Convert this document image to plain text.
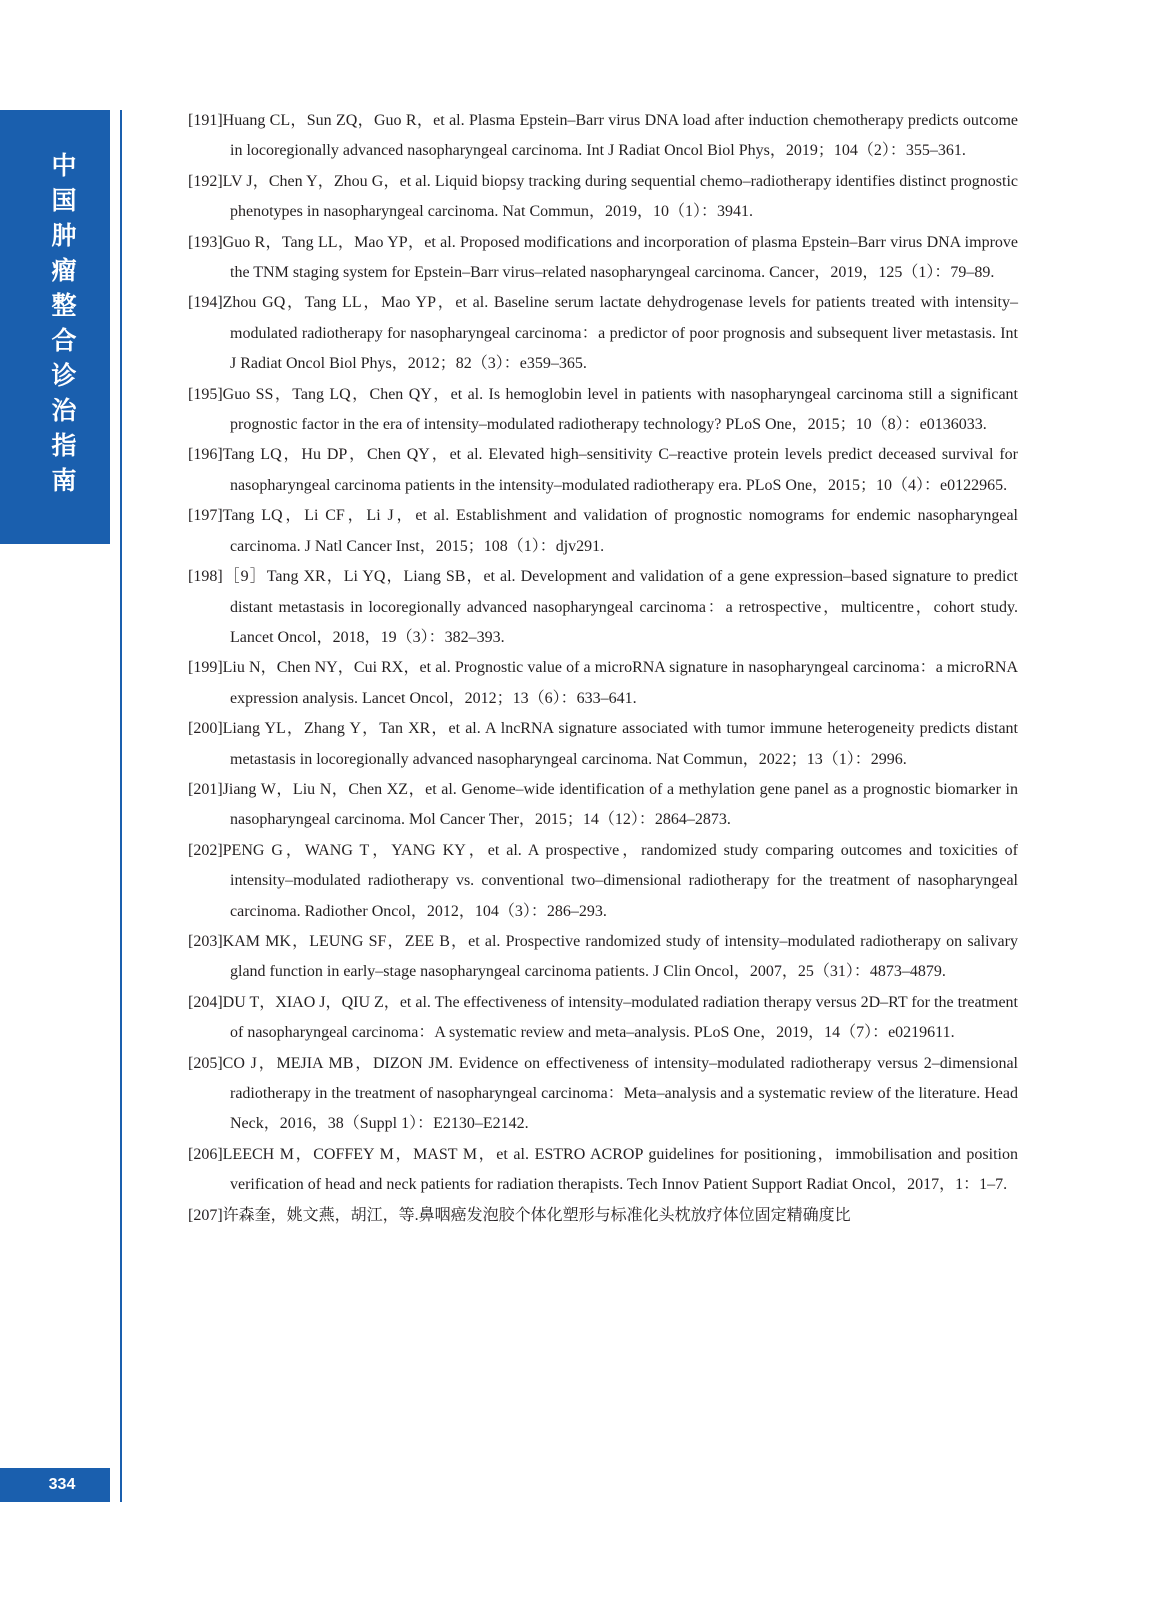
中
国
肿
瘤
整
合
诊
治
指
南
334
[191]Huang CL，Sun ZQ，Guo R，et al. Plasma Epstein–Barr virus DNA load after induction chemotherapy predicts outcome in locoregionally advanced nasopharyngeal carcinoma. Int J Radiat Oncol Biol Phys，2019；104（2）：355–361.
[192]LV J，Chen Y，Zhou G，et al. Liquid biopsy tracking during sequential chemo–radiotherapy identifies distinct prognostic phenotypes in nasopharyngeal carcinoma. Nat Commun，2019，10（1）：3941.
[193]Guo R，Tang LL，Mao YP，et al. Proposed modifications and incorporation of plasma Epstein–Barr virus DNA improve the TNM staging system for Epstein–Barr virus–related nasopharyngeal carcinoma. Cancer，2019，125（1）：79–89.
[194]Zhou GQ，Tang LL，Mao YP，et al. Baseline serum lactate dehydrogenase levels for patients treated with intensity–modulated radiotherapy for nasopharyngeal carcinoma：a predictor of poor prognosis and subsequent liver metastasis. Int J Radiat Oncol Biol Phys，2012；82（3）：e359–365.
[195]Guo SS，Tang LQ，Chen QY，et al. Is hemoglobin level in patients with nasopharyngeal carcinoma still a significant prognostic factor in the era of intensity–modulated radiotherapy technology? PLoS One，2015；10（8）：e0136033.
[196]Tang LQ，Hu DP，Chen QY，et al. Elevated high–sensitivity C–reactive protein levels predict deceased survival for nasopharyngeal carcinoma patients in the intensity–modulated radiotherapy era. PLoS One，2015；10（4）：e0122965.
[197]Tang LQ，Li CF，Li J，et al. Establishment and validation of prognostic nomograms for endemic nasopharyngeal carcinoma. J Natl Cancer Inst，2015；108（1）：djv291.
[198]［9］Tang XR，Li YQ，Liang SB，et al. Development and validation of a gene expression–based signature to predict distant metastasis in locoregionally advanced nasopharyngeal carcinoma：a retrospective，multicentre，cohort study. Lancet Oncol，2018，19（3）：382–393.
[199]Liu N，Chen NY，Cui RX，et al. Prognostic value of a microRNA signature in nasopharyngeal carcinoma：a microRNA expression analysis. Lancet Oncol，2012；13（6）：633–641.
[200]Liang YL，Zhang Y，Tan XR，et al. A lncRNA signature associated with tumor immune heterogeneity predicts distant metastasis in locoregionally advanced nasopharyngeal carcinoma. Nat Commun，2022；13（1）：2996.
[201]Jiang W，Liu N，Chen XZ，et al. Genome–wide identification of a methylation gene panel as a prognostic biomarker in nasopharyngeal carcinoma. Mol Cancer Ther，2015；14（12）：2864–2873.
[202]PENG G，WANG T，YANG KY，et al. A prospective，randomized study comparing outcomes and toxicities of intensity–modulated radiotherapy vs. conventional two–dimensional radiotherapy for the treatment of nasopharyngeal carcinoma. Radiother Oncol，2012，104（3）：286–293.
[203]KAM MK，LEUNG SF，ZEE B，et al. Prospective randomized study of intensity–modulated radiotherapy on salivary gland function in early–stage nasopharyngeal carcinoma patients. J Clin Oncol，2007，25（31）：4873–4879.
[204]DU T，XIAO J，QIU Z，et al. The effectiveness of intensity–modulated radiation therapy versus 2D–RT for the treatment of nasopharyngeal carcinoma：A systematic review and meta–analysis. PLoS One，2019，14（7）：e0219611.
[205]CO J，MEJIA MB，DIZON JM. Evidence on effectiveness of intensity–modulated radiotherapy versus 2–dimensional radiotherapy in the treatment of nasopharyngeal carcinoma：Meta–analysis and a systematic review of the literature. Head Neck，2016，38（Suppl 1）：E2130–E2142.
[206]LEECH M，COFFEY M，MAST M，et al. ESTRO ACROP guidelines for positioning，immobilisation and position verification of head and neck patients for radiation therapists. Tech Innov Patient Support Radiat Oncol，2017，1：1–7.
[207]许森奎，姚文燕，胡江，等.鼻咽癌发泡胶个体化塑形与标准化头枕放疗体位固定精确度比
